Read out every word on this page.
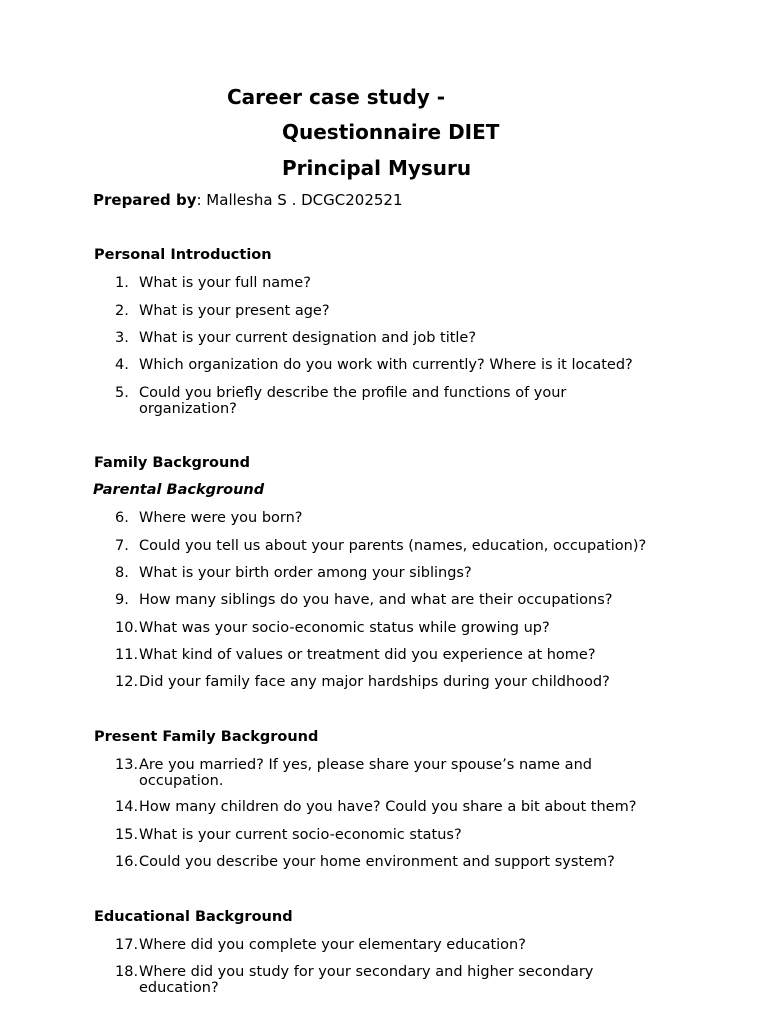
Career case study -
Questionnaire DIET
Principal Mysuru
Prepared by: Mallesha S . DCGC202521
Personal Introduction
1. What is your full name?
2. What is your present age?
3. What is your current designation and job title?
4. Which organization do you work with currently? Where is it located?
5. Could you briefly describe the profile and functions of your organization?
Family Background
Parental Background
6. Where were you born?
7. Could you tell us about your parents (names, education, occupation)?
8. What is your birth order among your siblings?
9. How many siblings do you have, and what are their occupations?
10. What was your socio-economic status while growing up?
11. What kind of values or treatment did you experience at home?
12. Did your family face any major hardships during your childhood?
Present Family Background
13. Are you married? If yes, please share your spouse’s name and occupation.
14. How many children do you have? Could you share a bit about them?
15. What is your current socio-economic status?
16. Could you describe your home environment and support system?
Educational Background
17. Where did you complete your elementary education?
18. Where did you study for your secondary and higher secondary education?
